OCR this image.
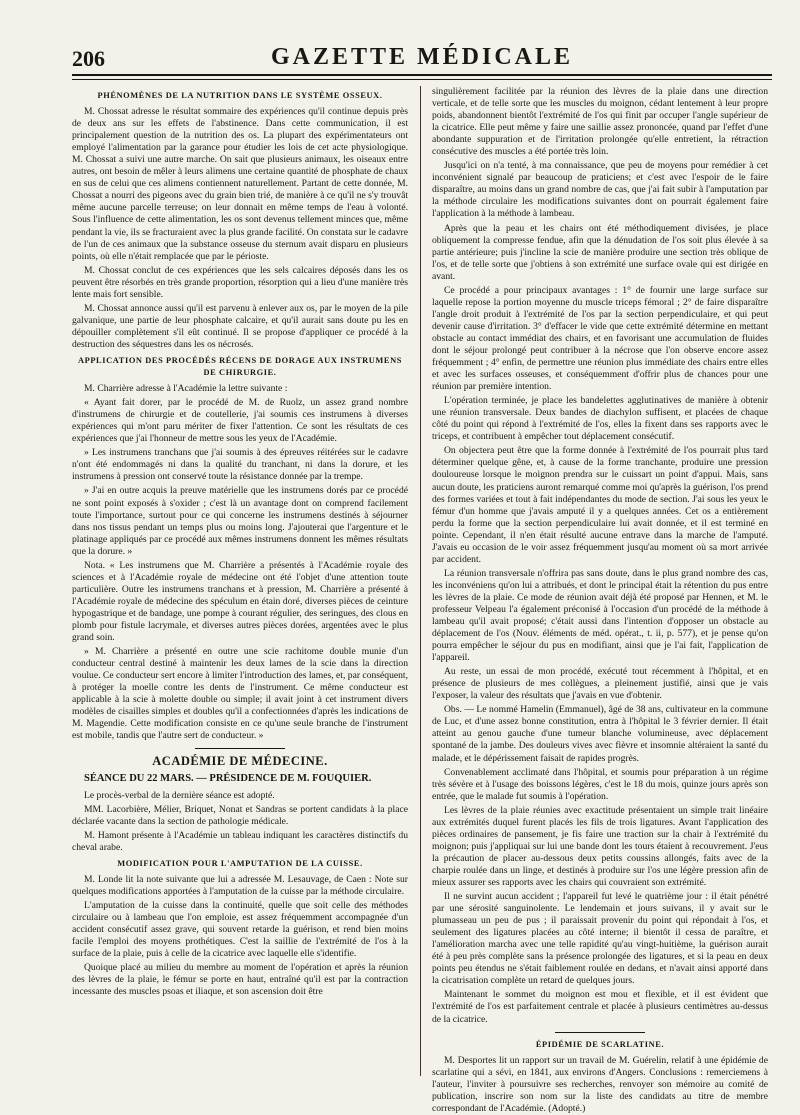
206	GAZETTE MÉDICALE
PHÉNOMÈNES DE LA NUTRITION DANS LE SYSTÈME OSSEUX.

M. Chossat adresse le résultat sommaire des expériences qu'il continue depuis près de deux ans sur les effets de l'abstinence. Dans cette communication, il est principalement question de la nutrition des os. La plupart des expérimentateurs ont employé l'alimentation par la garance pour étudier les lois de cet acte physiologique. M. Chossat a suivi une autre marche. On sait que plusieurs animaux, les oiseaux entre autres, ont besoin de mêler à leurs alimens une certaine quantité de phosphate de chaux en sus de celui que ces alimens contiennent naturellement. Partant de cette donnée, M. Chossat a nourri des pigeons avec du grain bien trié, de manière à ce qu'il ne s'y trouvât même aucune parcelle terreuse; on leur donnait en même temps de l'eau à volonté. Sous l'influence de cette alimentation, les os sont devenus tellement minces que, même pendant la vie, ils se fracturaient avec la plus grande facilité. On constata sur le cadavre de l'un de ces animaux que la substance osseuse du sternum avait disparu en plusieurs points, où elle n'était remplacée que par le périoste.

M. Chossat conclut de ces expériences que les sels calcaires déposés dans les os peuvent être résorbés en très grande proportion, résorption qui a lieu d'une manière très lente mais fort sensible.

M. Chossat annonce aussi qu'il est parvenu à enlever aux os, par le moyen de la pile galvanique, une partie de leur phosphate calcaire, et qu'il aurait sans doute pu les en dépouiller complètement s'il eût continué. Il se propose d'appliquer ce procédé à la destruction des séquestres dans les os nécrosés.

APPLICATION DES PROCÉDÉS RÉCENS DE DORAGE AUX INSTRUMENS DE CHIRURGIE.

M. Charrière adresse à l'Académie la lettre suivante :

« Ayant fait dorer, par le procédé de M. de Ruolz, un assez grand nombre d'instrumens de chirurgie et de coutellerie, j'ai soumis ces instrumens à diverses expériences qui m'ont paru mériter de fixer l'attention. Ce sont les résultats de ces expériences que j'ai l'honneur de mettre sous les yeux de l'Académie.

» Les instrumens tranchans que j'ai soumis à des épreuves réitérées sur le cadavre n'ont été endommagés ni dans la qualité du tranchant, ni dans la dorure, et les instrumens à pression ont conservé toute la résistance donnée par la trempe.

» J'ai en outre acquis la preuve matérielle que les instrumens dorés par ce procédé ne sont point exposés à s'oxider ; c'est là un avantage dont on comprend facilement toute l'importance, surtout pour ce qui concerne les instrumens destinés à séjourner dans nos tissus pendant un temps plus ou moins long. J'ajouterai que l'argenture et le platinage appliqués par ce procédé aux mêmes instrumens donnent les mêmes résultats que la dorure. »

Nota. « Les instrumens que M. Charrière a présentés à l'Académie royale des sciences et à l'Académie royale de médecine ont été l'objet d'une attention toute particulière. Outre les instrumens tranchans et à pression, M. Charrière a présenté à l'Académie royale de médecine des spéculum en étain doré, diverses pièces de ceinture hypogastrique et de bandage, une pompe à courant régulier, des seringues, des clous en plomb pour fistule lacrymale, et diverses autres pièces dorées, argentées avec le plus grand soin.

» M. Charrière a présenté en outre une scie rachitome double munie d'un conducteur central destiné à maintenir les deux lames de la scie dans la direction voulue. Ce conducteur sert encore à limiter l'introduction des lames, et, par conséquent, à protéger la moelle contre les dents de l'instrument. Ce même conducteur est applicable à la scie à molette double ou simple; il avait joint à cet instrument divers modèles de cisailles simples et doubles qu'il a confectionnées d'après les indications de M. Magendie. Cette modification consiste en ce qu'une seule branche de l'instrument est mobile, tandis que l'autre sert de conducteur. »

ACADÉMIE DE MÉDECINE.
SÉANCE DU 22 MARS. — PRÉSIDENCE DE M. FOUQUIER.

Le procès-verbal de la dernière séance est adopté.

MM. Lacorbière, Mélier, Briquet, Nonat et Sandras se portent candidats à la place déclarée vacante dans la section de pathologie médicale.

M. Hamont présente à l'Académie un tableau indiquant les caractères distinctifs du cheval arabe.

MODIFICATION POUR L'AMPUTATION DE LA CUISSE.

M. Londe lit la note suivante que lui a adressée M. Lesauvage, de Caen : Note sur quelques modifications apportées à l'amputation de la cuisse par la méthode circulaire.

L'amputation de la cuisse dans la continuité, quelle que soit celle des méthodes circulaire ou à lambeau que l'on emploie, est assez fréquemment accompagnée d'un accident consécutif assez grave, qui souvent retarde la guérison, et rend bien moins facile l'emploi des moyens prothétiques. C'est la saillie de l'extrémité de l'os à la surface de la plaie, puis à celle de la cicatrice avec laquelle elle s'identifie.

Quoique placé au milieu du membre au moment de l'opération et après la réunion des lèvres de la plaie, le fémur se porte en haut, entraîné qu'il est par la contraction incessante des muscles psoas et iliaque, et son ascension doit être

singulièrement facilitée par la réunion des lèvres de la plaie dans une direction verticale, et de telle sorte que les muscles du moignon, cédant lentement à leur propre poids, abandonnent bientôt l'extrémité de l'os qui finit par occuper l'angle supérieur de la cicatrice. Elle peut même y faire une saillie assez prononcée, quand par l'effet d'une abondante suppuration et de l'irritation prolongée qu'elle entretient, la rétraction consécutive des muscles a été portée très loin.

Jusqu'ici on n'a tenté, à ma connaissance, que peu de moyens pour remédier à cet inconvénient signalé par beaucoup de praticiens; et c'est avec l'espoir de le faire disparaître, au moins dans un grand nombre de cas, que j'ai fait subir à l'amputation par la méthode circulaire les modifications suivantes dont on pourrait également faire l'application à la méthode à lambeau.

Après que la peau et les chairs ont été méthodiquement divisées, je place obliquement la compresse fendue, afin que la dénudation de l'os soit plus élevée à sa partie antérieure; puis j'incline la scie de manière produire une section très oblique de l'os, et de telle sorte que j'obtiens à son extrémité une surface ovale qui est dirigée en avant.

Ce procédé a pour principaux avantages : 1° de fournir une large surface sur laquelle repose la portion moyenne du muscle triceps fémoral ; 2° de faire disparaître l'angle droit produit à l'extrémité de l'os par la section perpendiculaire, et qui peut devenir cause d'irritation. 3° d'effacer le vide que cette extrémité détermine en mettant obstacle au contact immédiat des chairs, et en favorisant une accumulation de fluides dont le séjour prolongé peut contribuer à la nécrose que l'on observe encore assez fréquemment ; 4° enfin, de permettre une réunion plus immédiate des chairs entre elles et avec les surfaces osseuses, et conséquemment d'offrir plus de chances pour une réunion par première intention.

L'opération terminée, je place les bandelettes agglutinatives de manière à obtenir une réunion transversale. Deux bandes de diachylon suffisent, et placées de chaque côté du point qui répond à l'extrémité de l'os, elles la fixent dans ses rapports avec le triceps, et contribuent à empêcher tout déplacement consécutif.

On objectera peut être que la forme donnée à l'extrémité de l'os pourrait plus tard déterminer quelque gêne, et, à cause de la forme tranchante, produire une pression douloureuse lorsque le moignon prendra sur le cuissart un point d'appui. Mais, sans aucun doute, les praticiens auront remarqué comme moi qu'après la guérison, l'os prend des formes variées et tout à fait indépendantes du mode de section. J'ai sous les yeux le fémur d'un homme que j'avais amputé il y a quelques années. Cet os a entièrement perdu la forme que la section perpendiculaire lui avait donnée, et il est terminé en pointe. Cependant, il n'en était résulté aucune entrave dans la marche de l'amputé. J'avais eu occasion de le voir assez fréquemment jusqu'au moment où sa mort arrivée par accident.

La réunion transversale n'offrira pas sans doute, dans le plus grand nombre des cas, les inconvéniens qu'on lui a attribués, et dont le principal était la rétention du pus entre les lèvres de la plaie. Ce mode de réunion avait déjà été proposé par Hennen, et M. le professeur Velpeau l'a également préconisé à l'occasion d'un procédé de la méthode à lambeau qu'il avait proposé; c'était aussi dans l'intention d'opposer un obstacle au déplacement de l'os (Nouv. éléments de méd. opérat., t. ii, p. 577), et je pense qu'on pourra empêcher le séjour du pus en modifiant, ainsi que je l'ai fait, l'application de l'appareil.

Au reste, un essai de mon procédé, exécuté tout récemment à l'hôpital, et en présence de plusieurs de mes collègues, a pleinement justifié, ainsi que je vais l'exposer, la valeur des résultats que j'avais en vue d'obtenir.

Obs. — Le nommé Hamelin (Emmanuel), âgé de 38 ans, cultivateur en la commune de Luc, et d'une assez bonne constitution, entra à l'hôpital le 3 février dernier. Il était atteint au genou gauche d'une tumeur blanche volumineuse, avec déplacement spontané de la jambe. Des douleurs vives avec fièvre et insomnie altéraient la santé du malade, et le dépérissement faisait de rapides progrès.

Convenablement acclimaté dans l'hôpital, et soumis pour préparation à un régime très sévère et à l'usage des boissons légères, c'est le 18 du mois, quinze jours après son entrée, que le malade fut soumis à l'opération.

Les lèvres de la plaie réunies avec exactitude présentaient un simple trait linéaire aux extrémités duquel furent placés les fils de trois ligatures. Avant l'application des pièces ordinaires de pansement, je fis faire une traction sur la chair à l'extrémité du moignon; puis j'appliquai sur lui une bande dont les tours étaient à recouvrement. J'eus la précaution de placer au-dessous deux petits coussins allongés, faits avec de la charpie roulée dans un linge, et destinés à produire sur l'os une légère pression afin de mieux assurer ses rapports avec les chairs qui couvraient son extrémité.

Il ne survint aucun accident ; l'appareil fut levé le quatrième jour : il était pénétré par une sérosité sanguinolente. Le lendemain et jours suivans, il y avait sur le plumasseau un peu de pus ; il paraissait provenir du point qui répondait à l'os, et seulement des ligatures placées au côté interne; il bientôt il cessa de paraître, et l'amélioration marcha avec une telle rapidité qu'au vingt-huitième, la guérison aurait été à peu près complète sans la présence prolongée des ligatures, et si la peau en deux points peu étendus ne s'était faiblement roulée en dedans, et n'avait ainsi apporté dans la cicatrisation complète un retard de quelques jours.

Maintenant le sommet du moignon est mou et flexible, et il est évident que l'extrémité de l'os est parfaitement centrale et placée à plusieurs centimètres au-dessus de la cicatrice.

ÉPIDÉMIE DE SCARLATINE.

M. Desportes lit un rapport sur un travail de M. Guérelin, relatif à une épidémie de scarlatine qui a sévi, en 1841, aux environs d'Angers. Conclusions : remerciemens à l'auteur, l'inviter à poursuivre ses recherches, renvoyer son mémoire au comité de publication, inscrire son nom sur la liste des candidats au titre de membre correspondant de l'Académie. (Adopté.)
